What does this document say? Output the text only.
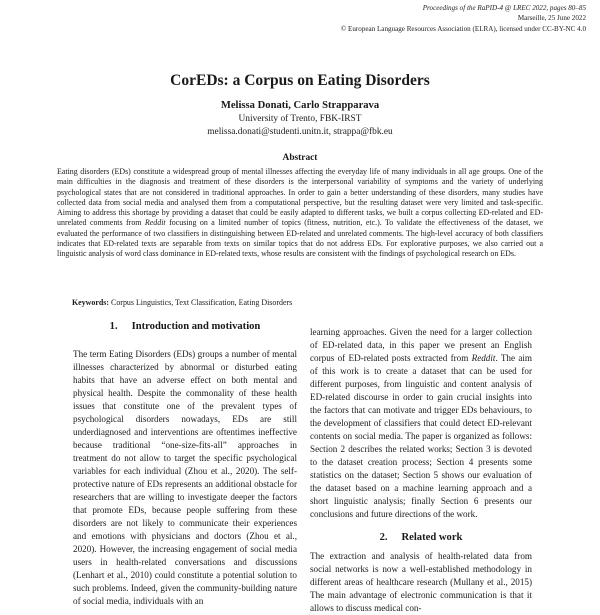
Proceedings of the RaPID-4 @ LREC 2022, pages 80–85
Marseille, 25 June 2022
© European Language Resources Association (ELRA), licensed under CC-BY-NC 4.0
CorEDs: a Corpus on Eating Disorders
Melissa Donati, Carlo Strapparava
University of Trento, FBK-IRST
melissa.donati@studenti.unitn.it, strappa@fbk.eu
Abstract
Eating disorders (EDs) constitute a widespread group of mental illnesses affecting the everyday life of many individuals in all age groups. One of the main difficulties in the diagnosis and treatment of these disorders is the interpersonal variability of symptoms and the variety of underlying psychological states that are not considered in traditional approaches. In order to gain a better understanding of these disorders, many studies have collected data from social media and analysed them from a computational perspective, but the resulting dataset were very limited and task-specific. Aiming to address this shortage by providing a dataset that could be easily adapted to different tasks, we built a corpus collecting ED-related and ED-unrelated comments from Reddit focusing on a limited number of topics (fitness, nutrition, etc.). To validate the effectiveness of the dataset, we evaluated the performance of two classifiers in distinguishing between ED-related and unrelated comments. The high-level accuracy of both classifiers indicates that ED-related texts are separable from texts on similar topics that do not address EDs. For explorative purposes, we also carried out a linguistic analysis of word class dominance in ED-related texts, whose results are consistent with the findings of psychological research on EDs.
Keywords: Corpus Linguistics, Text Classification, Eating Disorders
1. Introduction and motivation

The term Eating Disorders (EDs) groups a number of mental illnesses characterized by abnormal or disturbed eating habits that have an adverse effect on both mental and physical health. Despite the commonality of these health issues that constitute one of the prevalent types of psychological disorders nowadays, EDs are still underdiagnosed and interventions are oftentimes ineffective because traditional “one-size-fits-all” approaches in treatment do not allow to target the specific psychological variables for each individual (Zhou et al., 2020). The self-protective nature of EDs represents an additional obstacle for researchers that are willing to investigate deeper the factors that promote EDs, because people suffering from these disorders are not likely to communicate their experiences and emotions with physicians and doctors (Zhou et al., 2020). However, the increasing engagement of social media users in health-related conversations and discussions (Lenhart et al., 2010) could constitute a potential solution to such problems. Indeed, given the community-building nature of social media, individuals with an

learning approaches. Given the need for a larger collection of ED-related data, in this paper we present an English corpus of ED-related posts extracted from Reddit. The aim of this work is to create a dataset that can be used for different purposes, from linguistic and content analysis of ED-related discourse in order to gain crucial insights into the factors that can motivate and trigger EDs behaviours, to the development of classifiers that could detect ED-relevant contents on social media. The paper is organized as follows: Section 2 describes the related works; Section 3 is devoted to the dataset creation process; Section 4 presents some statistics on the dataset; Section 5 shows our evaluation of the dataset based on a machine learning approach and a short linguistic analysis; finally Section 6 presents our conclusions and future directions of the work.

2. Related work

The extraction and analysis of health-related data from social networks is now a well-established methodology in different areas of healthcare research (Mullany et al., 2015) The main advantage of electronic communication is that it allows to discuss medical con-
